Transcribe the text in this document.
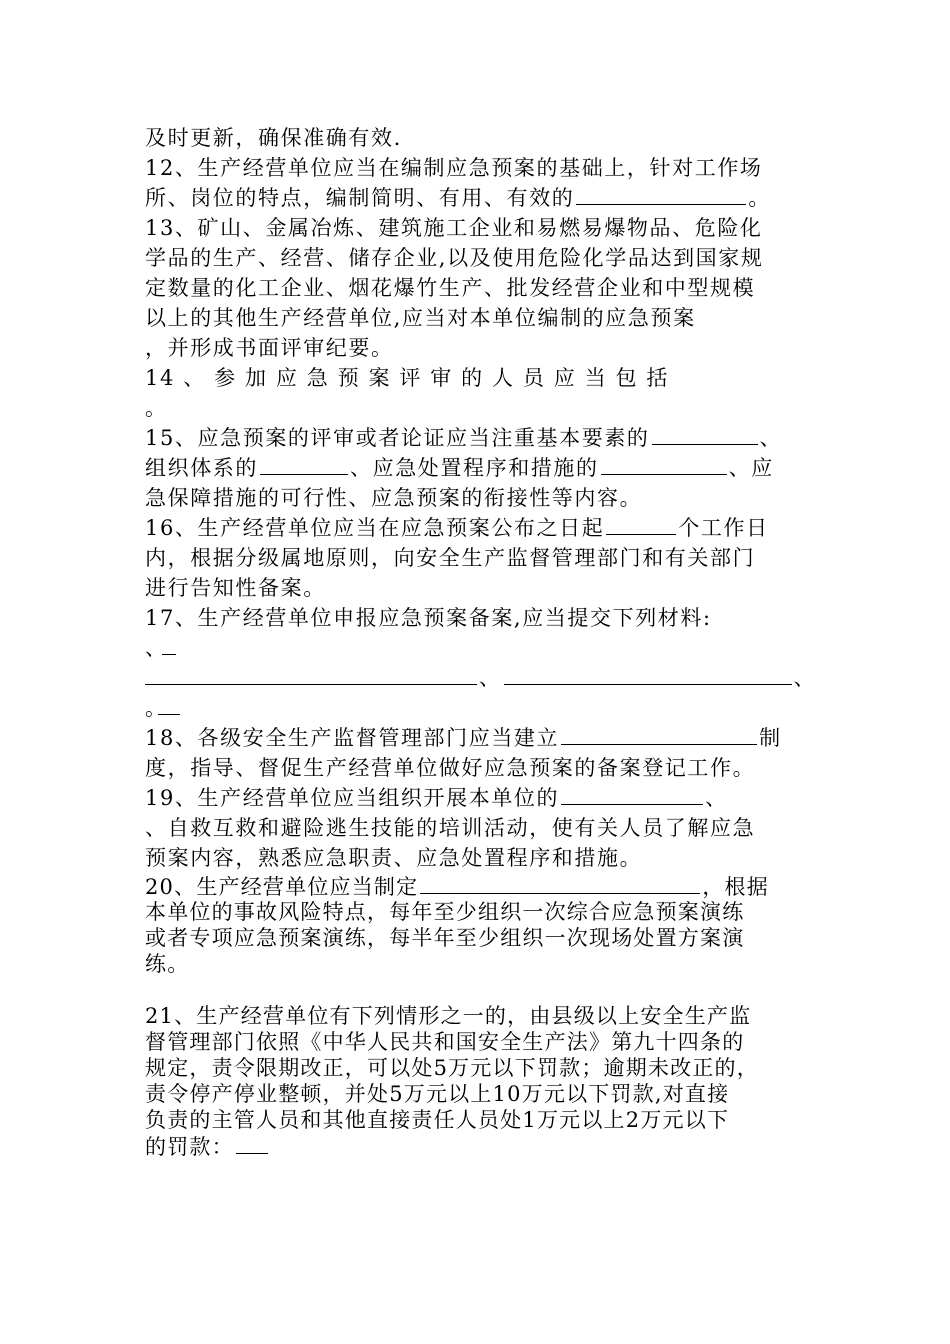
及时更新，确保准确有效.
12、生产经营单位应当在编制应急预案的基础上，针对工作场
所、岗位的特点，编制简明、有用、有效的	。
13、矿山、金属冶炼、建筑施工企业和易燃易爆物品、危险化
学品的生产、经营、储存企业,以及使用危险化学品达到国家规
定数量的化工企业、烟花爆竹生产、批发经营企业和中型规模
以上的其他生产经营单位,应当对本单位编制的应急预案
，并形成书面评审纪要。
14 、 参 加 应 急 预 案 评 审 的 人 员 应 当 包 括
。
15、应急预案的评审或者论证应当注重基本要素的	、
组织体系的	、应急处置程序和措施的	、应
急保障措施的可行性、应急预案的衔接性等内容。
16、生产经营单位应当在应急预案公布之日起	个工作日
内，根据分级属地原则，向安全生产监督管理部门和有关部门
进行告知性备案。
17、生产经营单位申报应急预案备案,应当提交下列材料:
、
、	、
。
18、各级安全生产监督管理部门应当建立	制
度，指导、督促生产经营单位做好应急预案的备案登记工作。
19、生产经营单位应当组织开展本单位的	、
、自救互救和避险逃生技能的培训活动，使有关人员了解应急
预案内容，熟悉应急职责、应急处置程序和措施。
20、生产经营单位应当制定	，根据
本单位的事故风险特点，每年至少组织一次综合应急预案演练
或者专项应急预案演练，每半年至少组织一次现场处置方案演
练。
21、生产经营单位有下列情形之一的，由县级以上安全生产监
督管理部门依照《中华人民共和国安全生产法》第九十四条的
规定，责令限期改正，可以处5万元以下罚款；逾期未改正的，
责令停产停业整顿，并处5万元以上10万元以下罚款,对直接
负责的主管人员和其他直接责任人员处1万元以上2万元以下
的罚款：
